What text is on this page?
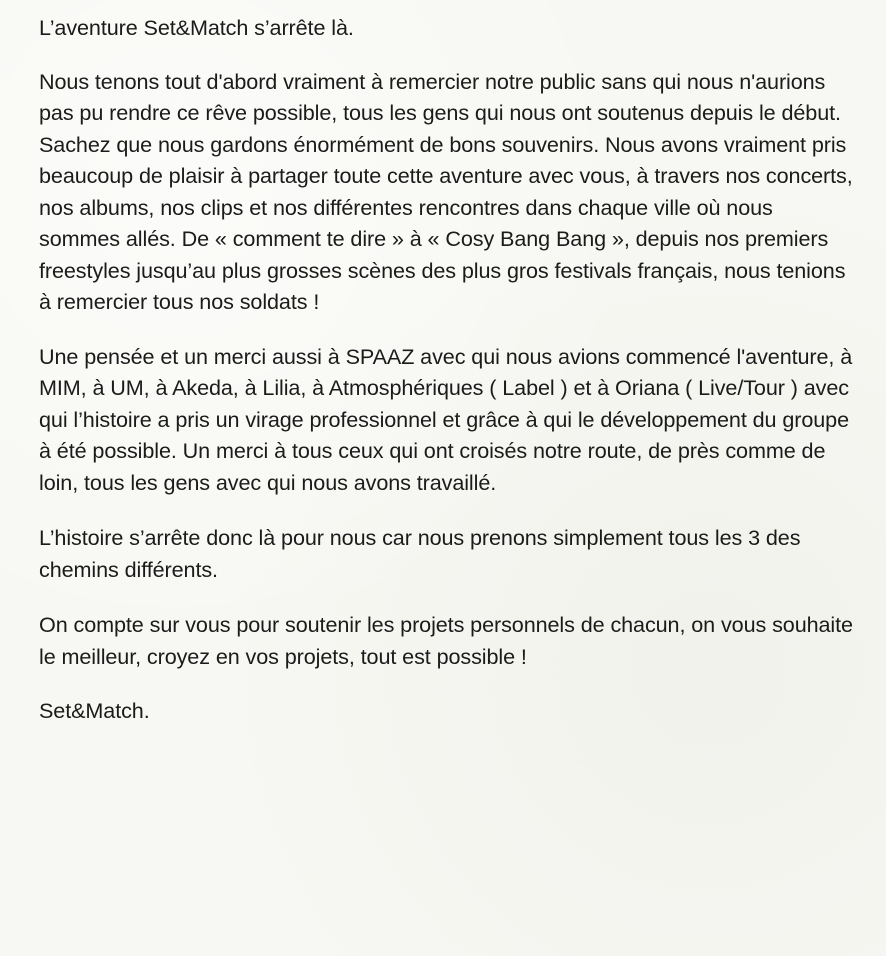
L’aventure Set&Match s’arrête là.

Nous tenons tout d'abord vraiment à remercier notre public sans qui nous n'aurions pas pu rendre ce rêve possible, tous les gens qui nous ont soutenus depuis le début. Sachez que nous gardons énormément de bons souvenirs. Nous avons vraiment pris beaucoup de plaisir à partager toute cette aventure avec vous, à travers nos concerts, nos albums, nos clips et nos différentes rencontres dans chaque ville où nous sommes allés. De « comment te dire » à « Cosy Bang Bang », depuis nos premiers freestyles jusqu’au plus grosses scènes des plus gros festivals français, nous tenions à remercier tous nos soldats !

Une pensée et un merci aussi à SPAAZ avec qui nous avions commencé l'aventure, à MIM, à UM, à Akeda, à Lilia, à Atmosphériques ( Label ) et à Oriana ( Live/Tour ) avec qui l’histoire a pris un virage professionnel et grâce à qui le développement du groupe à été possible. Un merci à tous ceux qui ont croisés notre route, de près comme de loin, tous les gens avec qui nous avons travaillé.

L’histoire s’arrête donc là pour nous car nous prenons simplement tous les 3 des chemins différents.

On compte sur vous pour soutenir les projets personnels de chacun, on vous souhaite le meilleur, croyez en vos projets, tout est possible !

Set&Match.
